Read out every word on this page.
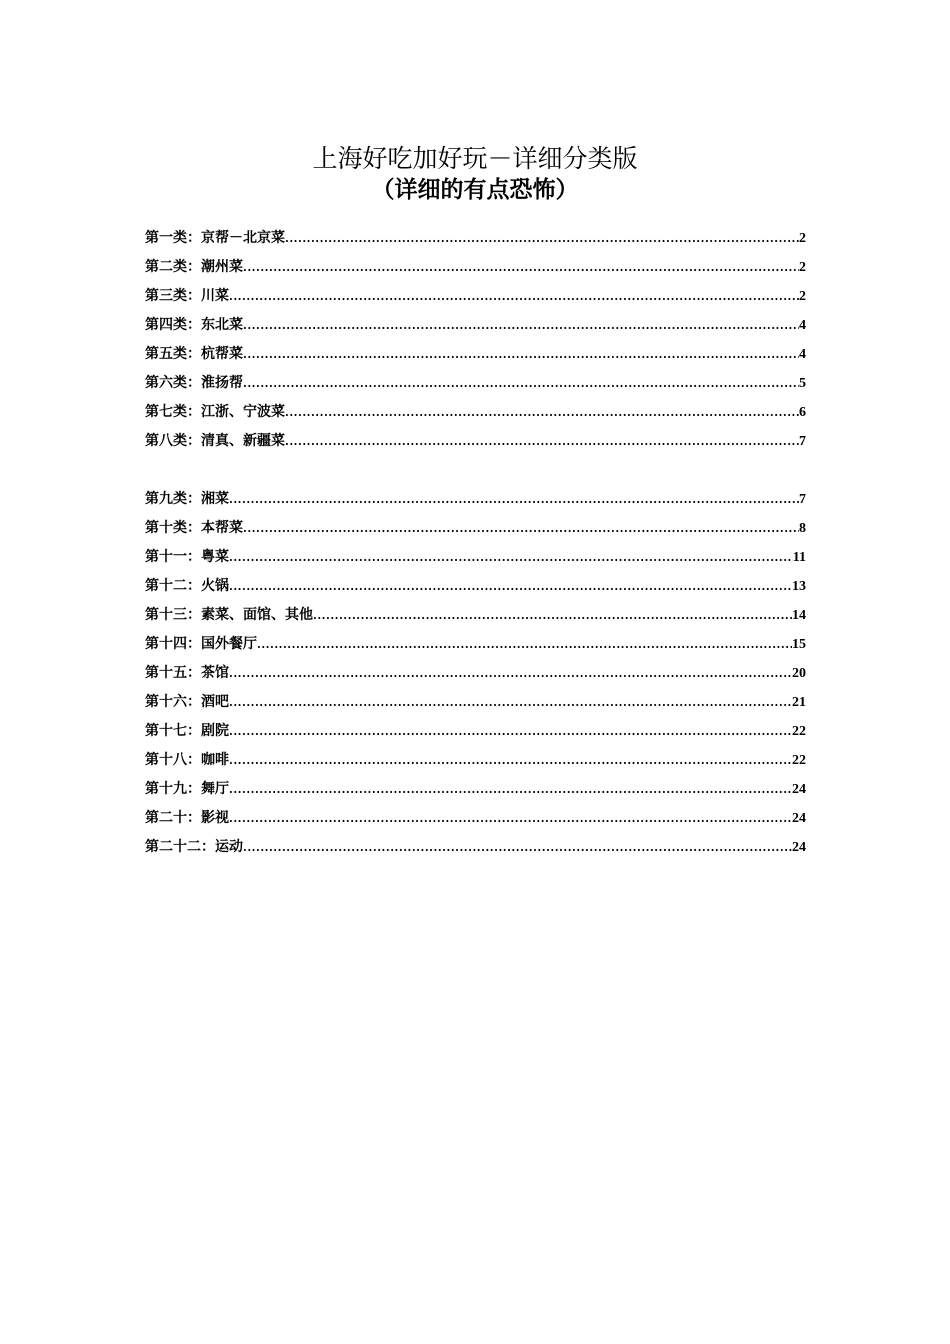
上海好吃加好玩－详细分类版
（详细的有点恐怖）
第一类：京帮－北京菜 .....	2
第二类：潮州菜 .....	2
第三类：川菜 .....	2
第四类：东北菜 .....	4
第五类：杭帮菜 .....	4
第六类：淮扬帮 .....	5
第七类：江浙、宁波菜 .....	6
第八类：清真、新疆菜 .....	7
第九类：湘菜 .....	7
第十类：本帮菜 .....	8
第十一：粤菜 .....	11
第十二：火锅 .....	13
第十三：素菜、面馆、其他 .....	14
第十四：国外餐厅 .....	15
第十五：茶馆 .....	20
第十六：酒吧 .....	21
第十七：剧院 .....	22
第十八：咖啡 .....	22
第十九：舞厅 .....	24
第二十：影视 .....	24
第二十二：运动 .....	24
